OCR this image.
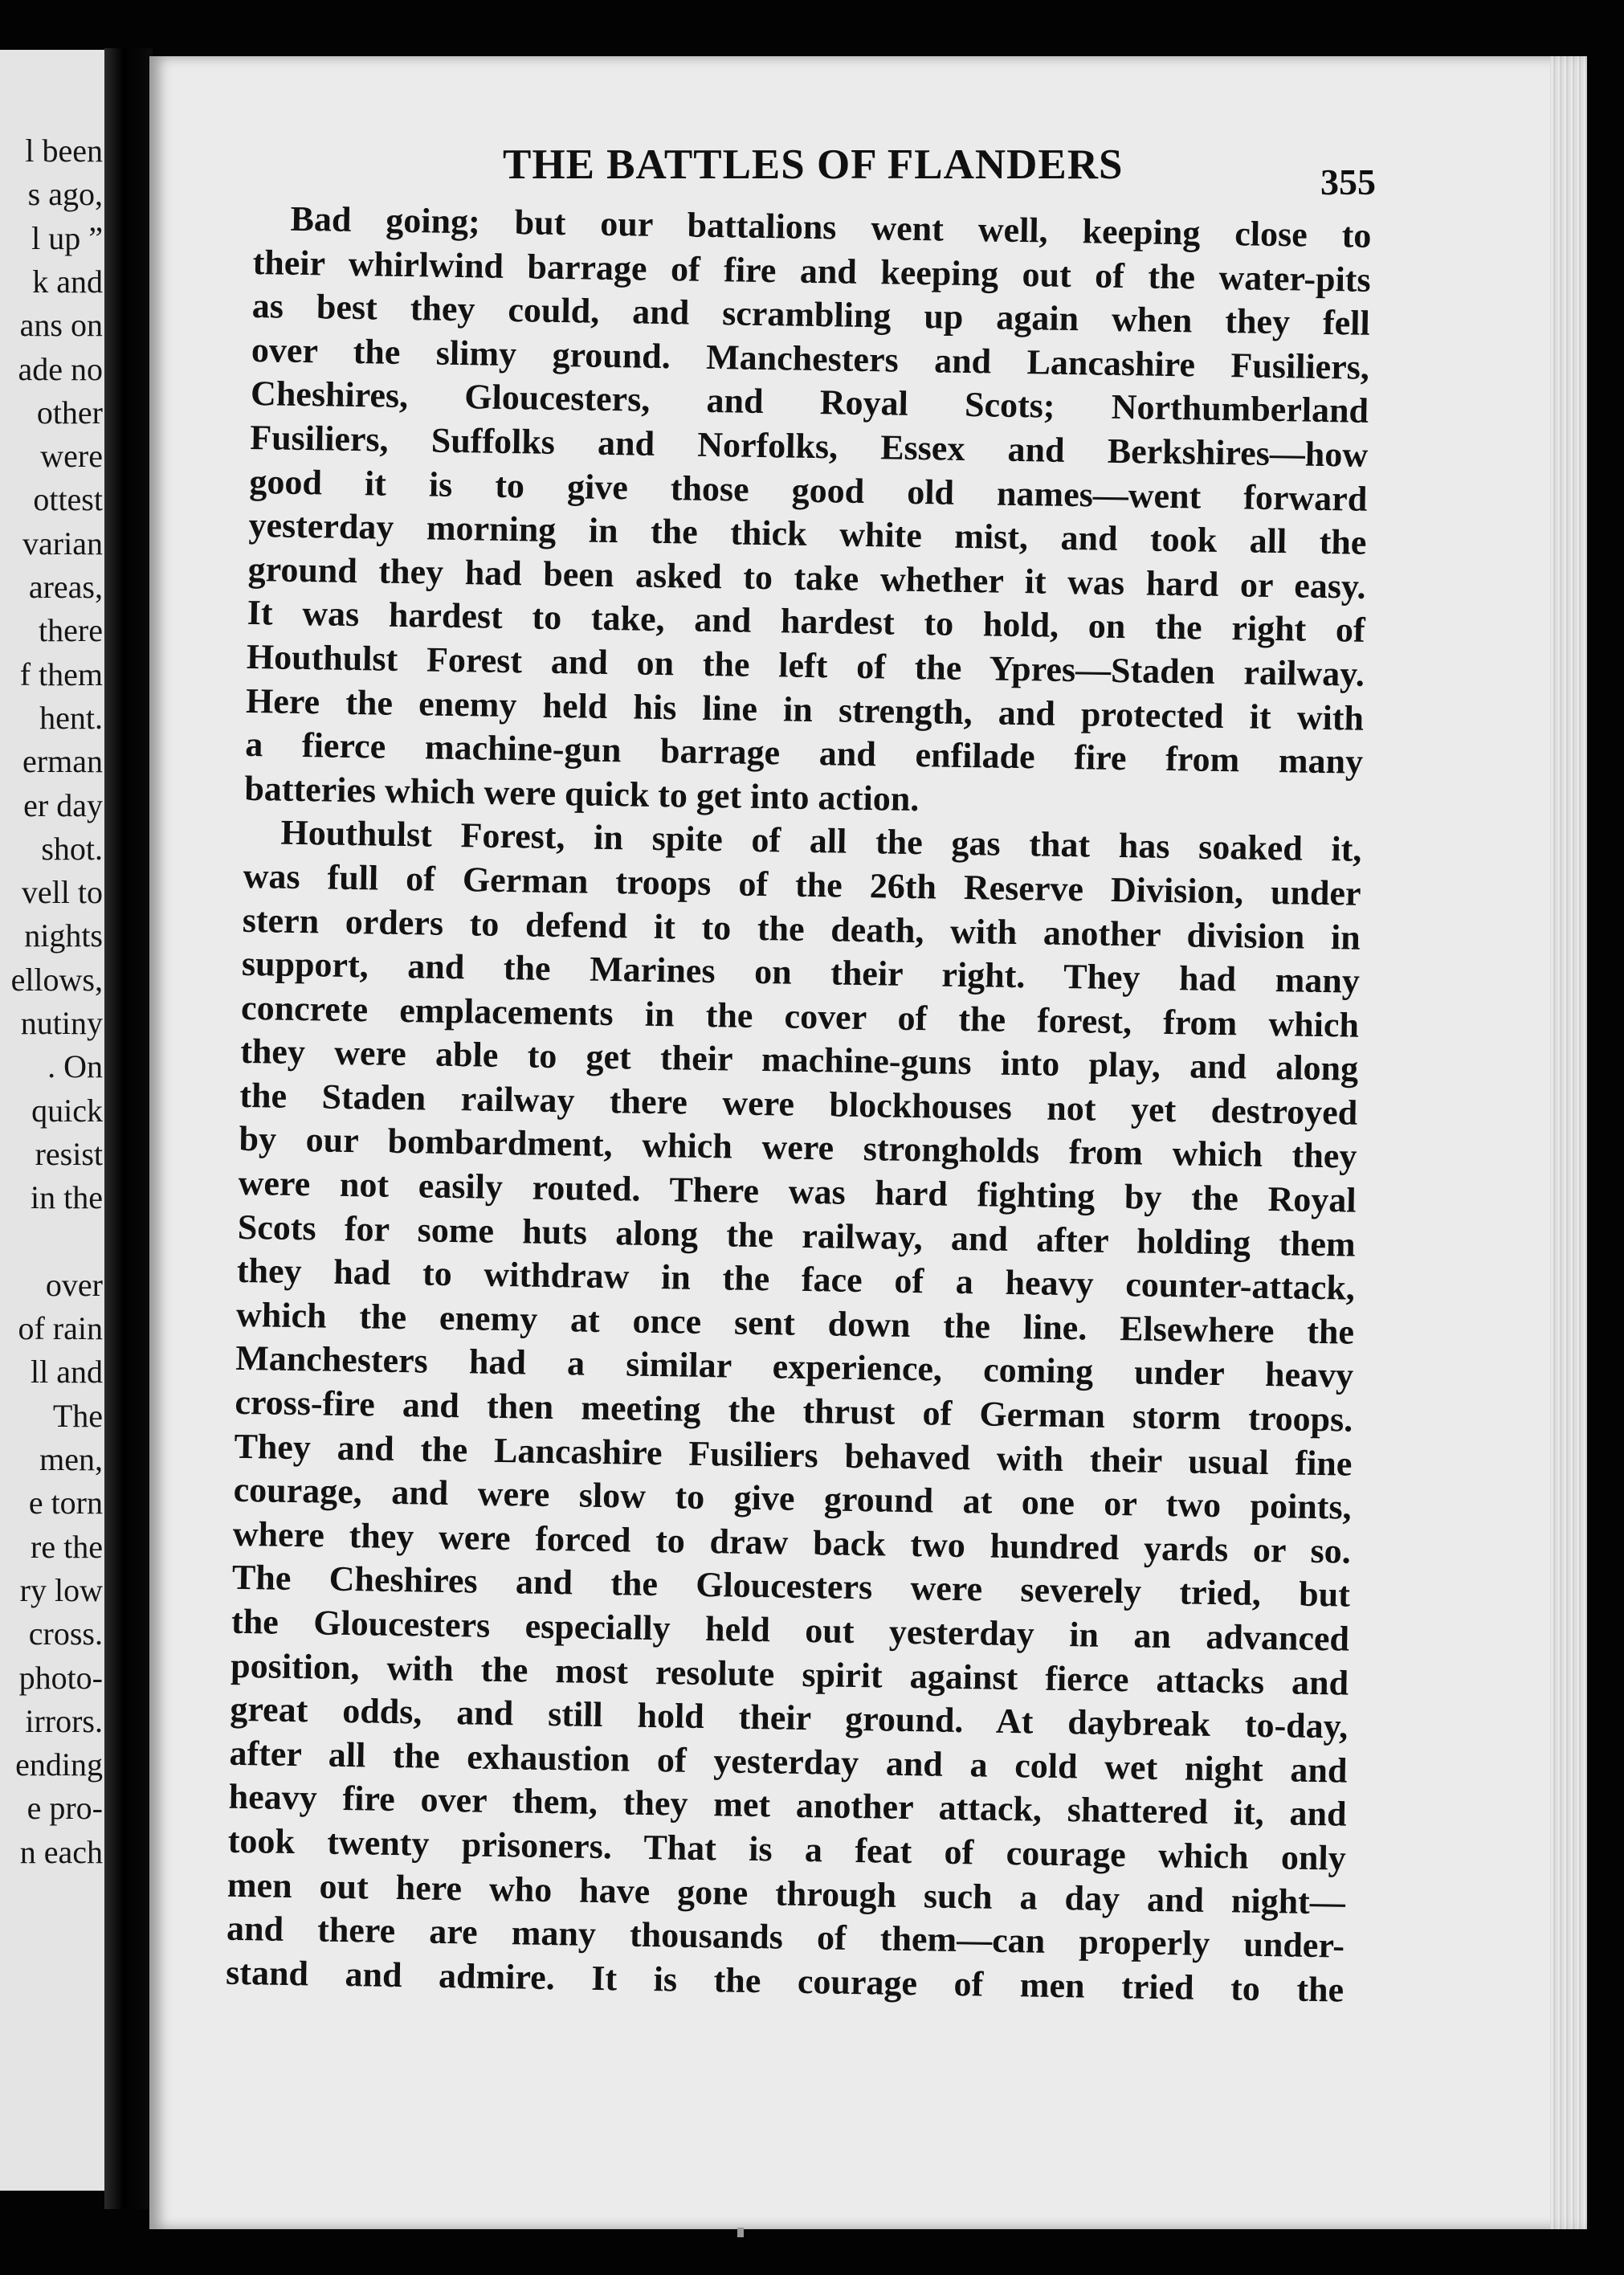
l been
s ago,
l up ”
k and
ans on
ade no
other
were
ottest
varian
areas,
there
f them
hent.
erman
er day
shot.
vell to
nights
ellows,
nutiny
. On
quick
resist
in the
over
of rain
ll and
The
men,
e torn
re the
ry low
cross.
photo-
irrors.
ending
e pro-
n each
THE BATTLES OF FLANDERS	355
Bad going; but our battalions went well, keeping close to
their whirlwind barrage of fire and keeping out of the water-pits
as best they could, and scrambling up again when they fell
over the slimy ground. Manchesters and Lancashire Fusiliers,
Cheshires, Gloucesters, and Royal Scots; Northumberland
Fusiliers, Suffolks and Norfolks, Essex and Berkshires—how
good it is to give those good old names—went forward
yesterday morning in the thick white mist, and took all the
ground they had been asked to take whether it was hard or easy.
It was hardest to take, and hardest to hold, on the right of
Houthulst Forest and on the left of the Ypres—Staden railway.
Here the enemy held his line in strength, and protected it with
a fierce machine-gun barrage and enfilade fire from many
batteries which were quick to get into action.
Houthulst Forest, in spite of all the gas that has soaked it,
was full of German troops of the 26th Reserve Division, under
stern orders to defend it to the death, with another division in
support, and the Marines on their right. They had many
concrete emplacements in the cover of the forest, from which
they were able to get their machine-guns into play, and along
the Staden railway there were blockhouses not yet destroyed
by our bombardment, which were strongholds from which they
were not easily routed. There was hard fighting by the Royal
Scots for some huts along the railway, and after holding them
they had to withdraw in the face of a heavy counter-attack,
which the enemy at once sent down the line. Elsewhere the
Manchesters had a similar experience, coming under heavy
cross-fire and then meeting the thrust of German storm troops.
They and the Lancashire Fusiliers behaved with their usual fine
courage, and were slow to give ground at one or two points,
where they were forced to draw back two hundred yards or so.
The Cheshires and the Gloucesters were severely tried, but
the Gloucesters especially held out yesterday in an advanced
position, with the most resolute spirit against fierce attacks and
great odds, and still hold their ground. At daybreak to-day,
after all the exhaustion of yesterday and a cold wet night and
heavy fire over them, they met another attack, shattered it, and
took twenty prisoners. That is a feat of courage which only
men out here who have gone through such a day and night—
and there are many thousands of them—can properly under-
stand and admire. It is the courage of men tried to the
